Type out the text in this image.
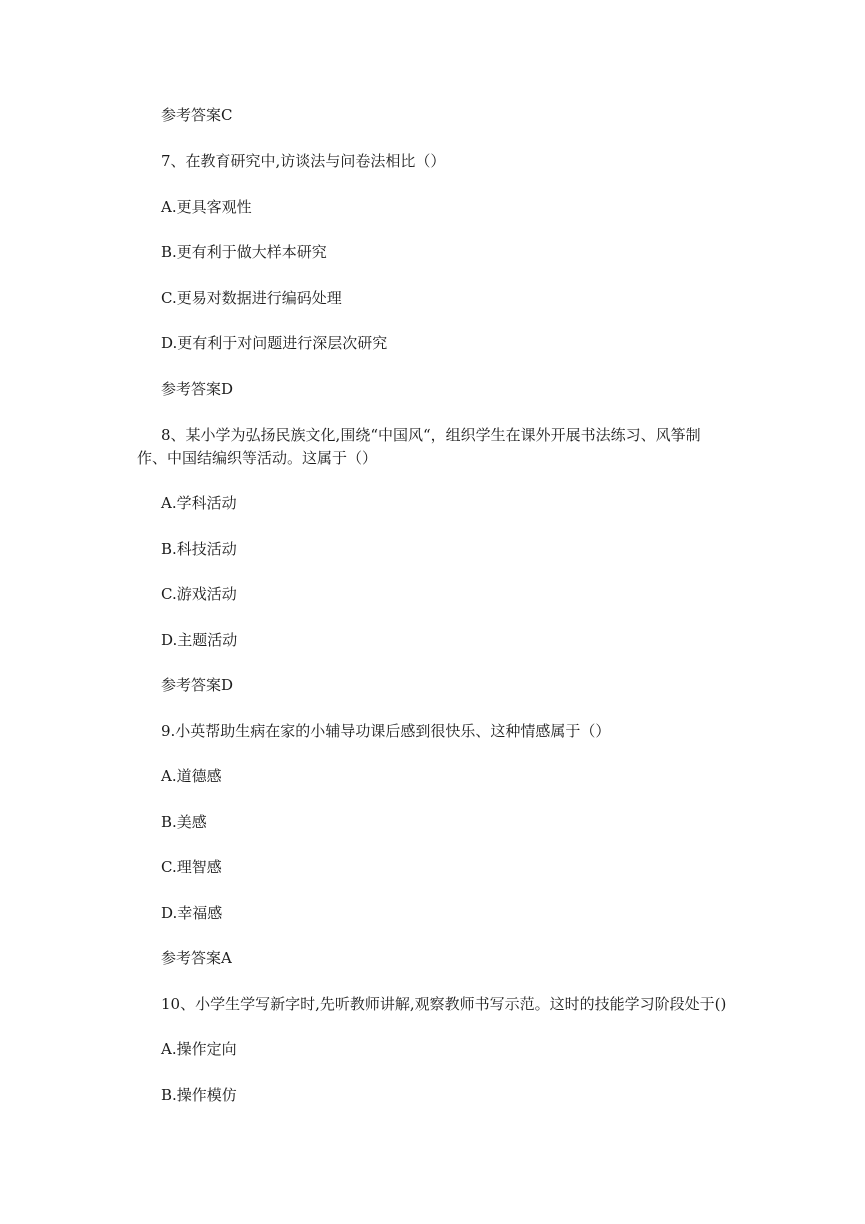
参考答案C
7、在教育研究中,访谈法与问卷法相比（）
A.更具客观性
B.更有利于做大样本研究
C.更易对数据进行编码处理
D.更有利于对问题进行深层次研究
参考答案D
8、某小学为弘扬民族文化,围绕“中国风“，组织学生在课外开展书法练习、风筝制
作、中国结编织等活动。这属于（）
A.学科活动
B.科技活动
C.游戏活动
D.主题活动
参考答案D
9.小英帮助生病在家的小辅导功课后感到很快乐、这种情感属于（）
A.道德感
B.美感
C.理智感
D.幸福感
参考答案A
10、小学生学写新字时,先听教师讲解,观察教师书写示范。这时的技能学习阶段处于()
A.操作定向
B.操作模仿
